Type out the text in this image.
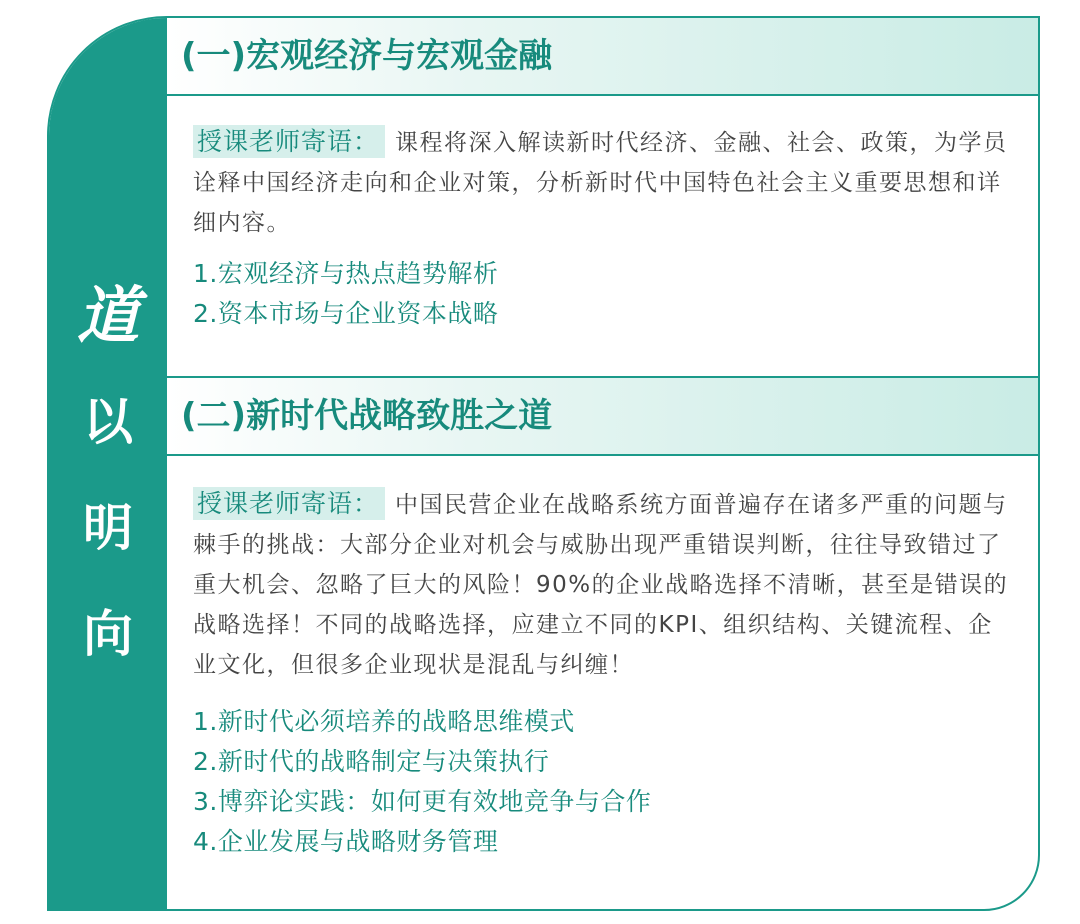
道
以
明
向
(一)宏观经济与宏观金融
授课老师寄语： 课程将深入解读新时代经济、金融、社会、政策，为学员诠释中国经济走向和企业对策，分析新时代中国特色社会主义重要思想和详细内容。
1.宏观经济与热点趋势解析
2.资本市场与企业资本战略
(二)新时代战略致胜之道
授课老师寄语： 中国民营企业在战略系统方面普遍存在诸多严重的问题与棘手的挑战：大部分企业对机会与威胁出现严重错误判断，往往导致错过了重大机会、忽略了巨大的风险！90%的企业战略选择不清晰，甚至是错误的战略选择！不同的战略选择，应建立不同的KPI、组织结构、关键流程、企业文化，但很多企业现状是混乱与纠缠！
1.新时代必须培养的战略思维模式
2.新时代的战略制定与决策执行
3.博弈论实践：如何更有效地竞争与合作
4.企业发展与战略财务管理
